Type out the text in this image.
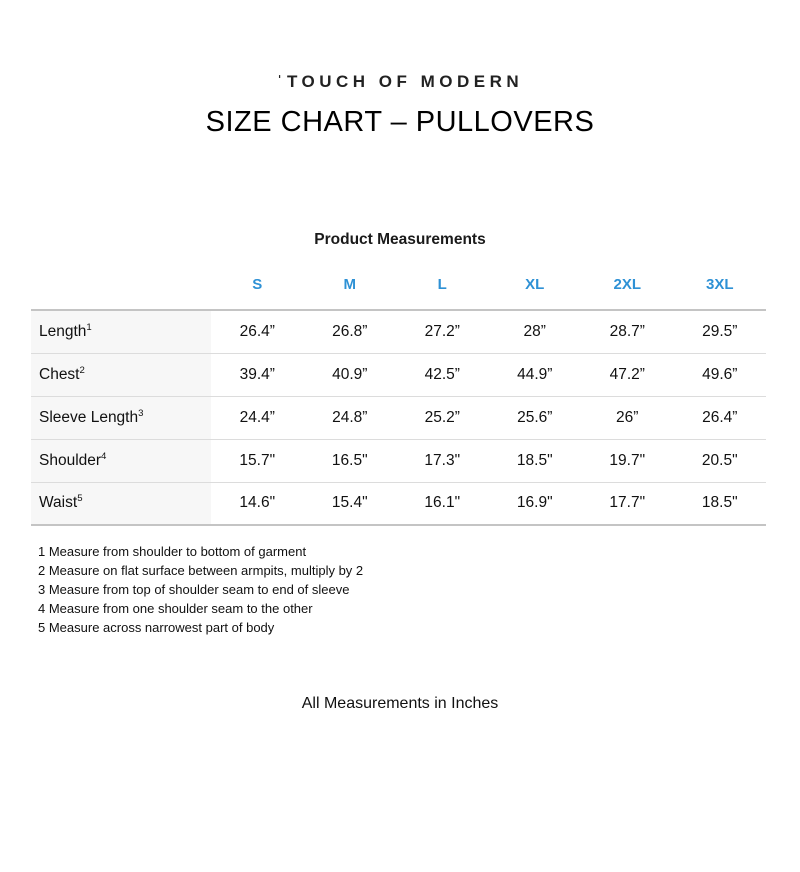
ˈTOUCH OF MODERN
SIZE CHART – PULLOVERS
Product Measurements
	S	M	L	XL	2XL	3XL
Length$^1$	26.4”	26.8”	27.2”	28”	28.7”	29.5”
Chest$^2$	39.4”	40.9”	42.5”	44.9”	47.2”	49.6”
Sleeve Length$^3$	24.4”	24.8”	25.2”	25.6”	26”	26.4”
Shoulder$^4$	15.7"	16.5"	17.3"	18.5"	19.7"	20.5"
Waist$^5$	14.6"	15.4"	16.1"	16.9"	17.7"	18.5"
1 Measure from shoulder to bottom of garment
2 Measure on flat surface between armpits, multiply by 2
3 Measure from top of shoulder seam to end of sleeve
4 Measure from one shoulder seam to the other
5 Measure across narrowest part of body
All Measurements in Inches
